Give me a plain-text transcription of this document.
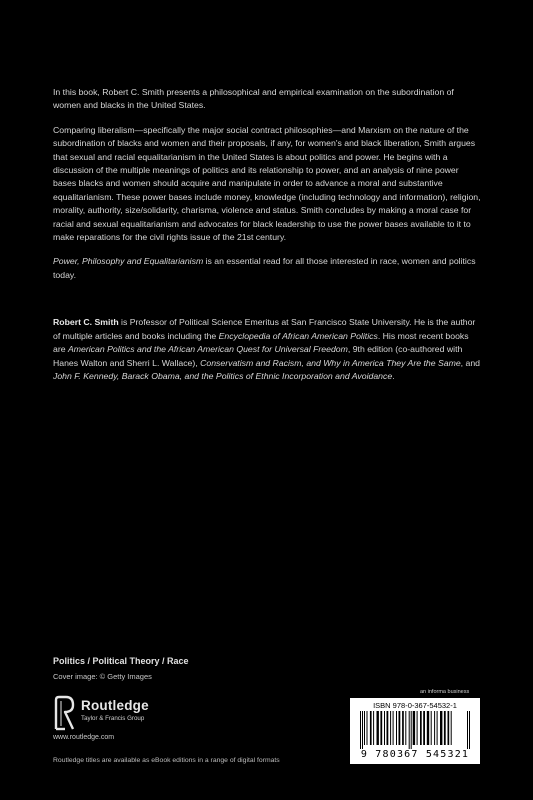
In this book, Robert C. Smith presents a philosophical and empirical examination on the subordination of women and blacks in the United States.

Comparing liberalism—specifically the major social contract philosophies—and Marxism on the nature of the subordination of blacks and women and their proposals, if any, for women's and black liberation, Smith argues that sexual and racial equalitarianism in the United States is about politics and power. He begins with a discussion of the multiple meanings of politics and its relationship to power, and an analysis of nine power bases blacks and women should acquire and manipulate in order to advance a moral and substantive equalitarianism. These power bases include money, knowledge (including technology and information), religion, morality, authority, size/solidarity, charisma, violence and status. Smith concludes by making a moral case for racial and sexual equalitarianism and advocates for black leadership to use the power bases available to it to make reparations for the civil rights issue of the 21st century.

Power, Philosophy and Equalitarianism is an essential read for all those interested in race, women and politics today.

Robert C. Smith is Professor of Political Science Emeritus at San Francisco State University. He is the author of multiple articles and books including the Encyclopedia of African American Politics. His most recent books are American Politics and the African American Quest for Universal Freedom, 9th edition (co-authored with Hanes Walton and Sherri L. Wallace), Conservatism and Racism, and Why in America They Are the Same, and John F. Kennedy, Barack Obama, and the Politics of Ethnic Incorporation and Avoidance.

Politics / Political Theory / Race
Cover image: © Getty Images
Routledge
Taylor & Francis Group
www.routledge.com
Routledge titles are available as eBook editions in a range of digital formats
an informa business
ISBN 978-0-367-54532-1
9 780367 545321
